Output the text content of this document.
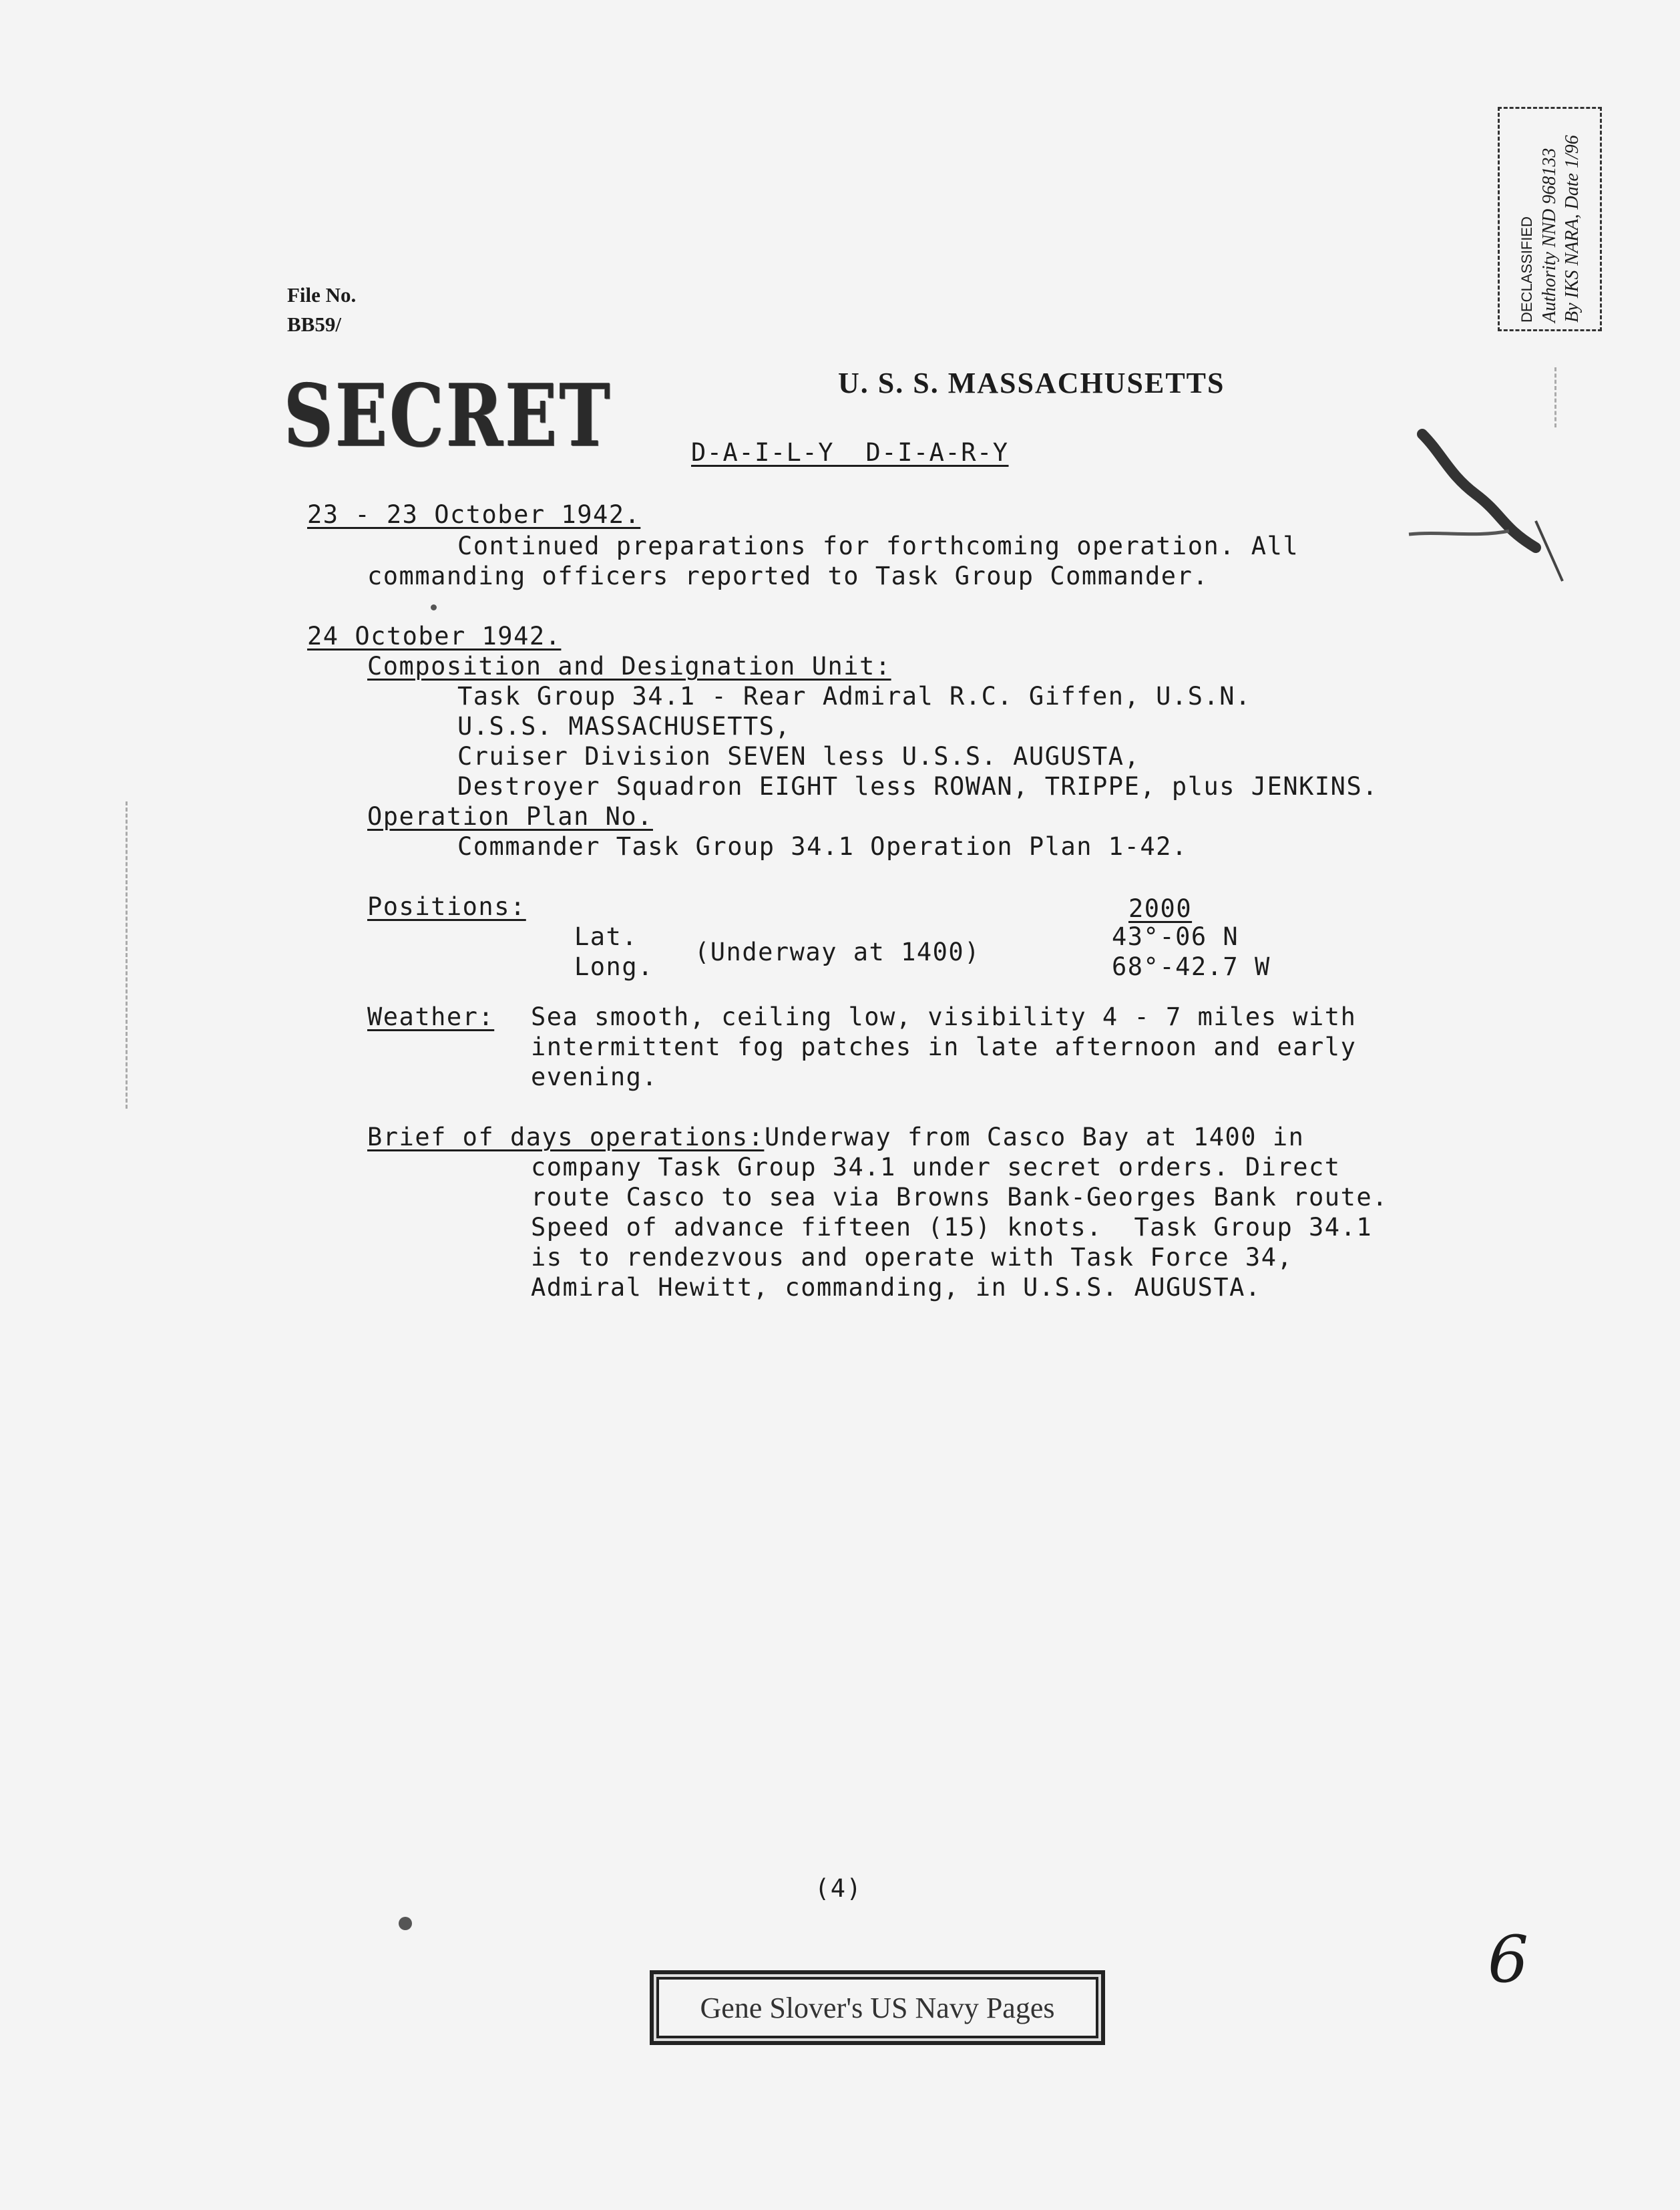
File No.
BB59/
SECRET	U. S. S. MASSACHUSETTS
D-A-I-L-Y  D-I-A-R-Y

DECLASSIFIED Authority NND 968133 By IKS NARA, Date 1/96

23 - 23 October 1942.
Continued preparations for forthcoming operation. All
commanding officers reported to Task Group Commander.
24 October 1942.
Composition and Designation Unit:
Task Group 34.1 - Rear Admiral R.C. Giffen, U.S.N.
U.S.S. MASSACHUSETTS,
Cruiser Division SEVEN less U.S.S. AUGUSTA,
Destroyer Squadron EIGHT less ROWAN, TRIPPE, plus JENKINS.
Operation Plan No.
Commander Task Group 34.1 Operation Plan 1-42.
Positions:	2000
Lat.
Long.
(Underway at 1400)
43°-06 N
68°-42.7 W
Weather: Sea smooth, ceiling low, visibility 4 - 7 miles with
intermittent fog patches in late afternoon and early
evening.
Brief of days operations: Underway from Casco Bay at 1400 in
company Task Group 34.1 under secret orders. Direct
route Casco to sea via Browns Bank-Georges Bank route.
Speed of advance fifteen (15) knots.  Task Group 34.1
is to rendezvous and operate with Task Force 34,
Admiral Hewitt, commanding, in U.S.S. AUGUSTA.
(4)
6

Gene Slover's US Navy Pages
